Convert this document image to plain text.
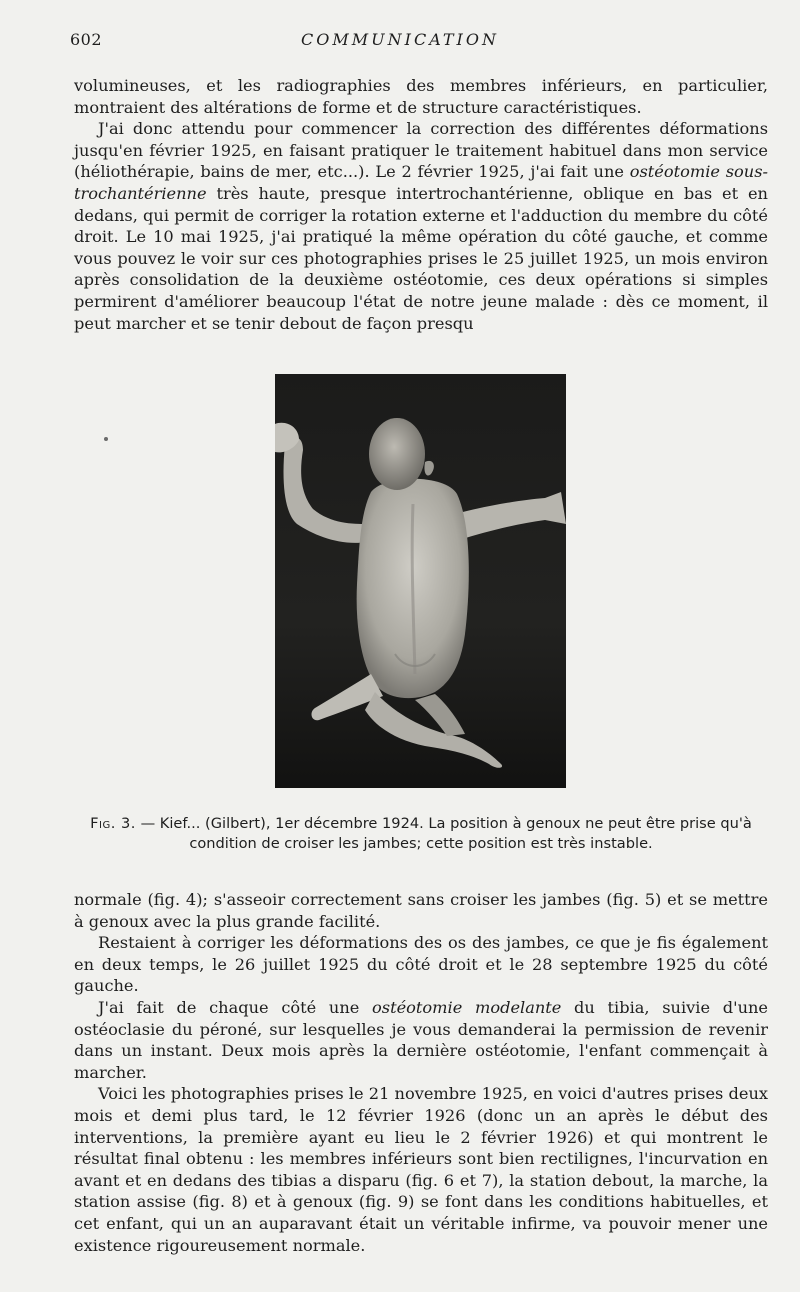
602	COMMUNICATION

volumineuses, et les radiographies des membres inférieurs, en particulier, montraient des altérations de forme et de structure caractéristiques.

J'ai donc attendu pour commencer la correction des différentes déformations jusqu'en février 1925, en faisant pratiquer le traitement habituel dans mon service (héliothérapie, bains de mer, etc...). Le 2 février 1925, j'ai fait une ostéotomie sous-trochantérienne très haute, presque intertrochantérienne, oblique en bas et en dedans, qui permit de corriger la rotation externe et l'adduction du membre du côté droit. Le 10 mai 1925, j'ai pratiqué la même opération du côté gauche, et comme vous pouvez le voir sur ces photographies prises le 25 juillet 1925, un mois environ après consolidation de la deuxième ostéotomie, ces deux opérations si simples permirent d'améliorer beaucoup l'état de notre jeune malade : dès ce moment, il peut marcher et se tenir debout de façon presqu

Fig. 3. — Kief... (Gilbert), 1er décembre 1924. La position à genoux ne peut être prise qu'à condition de croiser les jambes; cette position est très instable.

normale (fig. 4); s'asseoir correctement sans croiser les jambes (fig. 5) et se mettre à genoux avec la plus grande facilité.

Restaient à corriger les déformations des os des jambes, ce que je fis également en deux temps, le 26 juillet 1925 du côté droit et le 28 septembre 1925 du côté gauche.

J'ai fait de chaque côté une ostéotomie modelante du tibia, suivie d'une ostéoclasie du péroné, sur lesquelles je vous demanderai la permission de revenir dans un instant. Deux mois après la dernière ostéotomie, l'enfant commençait à marcher.

Voici les photographies prises le 21 novembre 1925, en voici d'autres prises deux mois et demi plus tard, le 12 février 1926 (donc un an après le début des interventions, la première ayant eu lieu le 2 février 1926) et qui montrent le résultat final obtenu : les membres inférieurs sont bien rectilignes, l'incurvation en avant et en dedans des tibias a disparu (fig. 6 et 7), la station debout, la marche, la station assise (fig. 8) et à genoux (fig. 9) se font dans les conditions habituelles, et cet enfant, qui un an auparavant était un véritable infirme, va pouvoir mener une existence rigoureusement normale.
